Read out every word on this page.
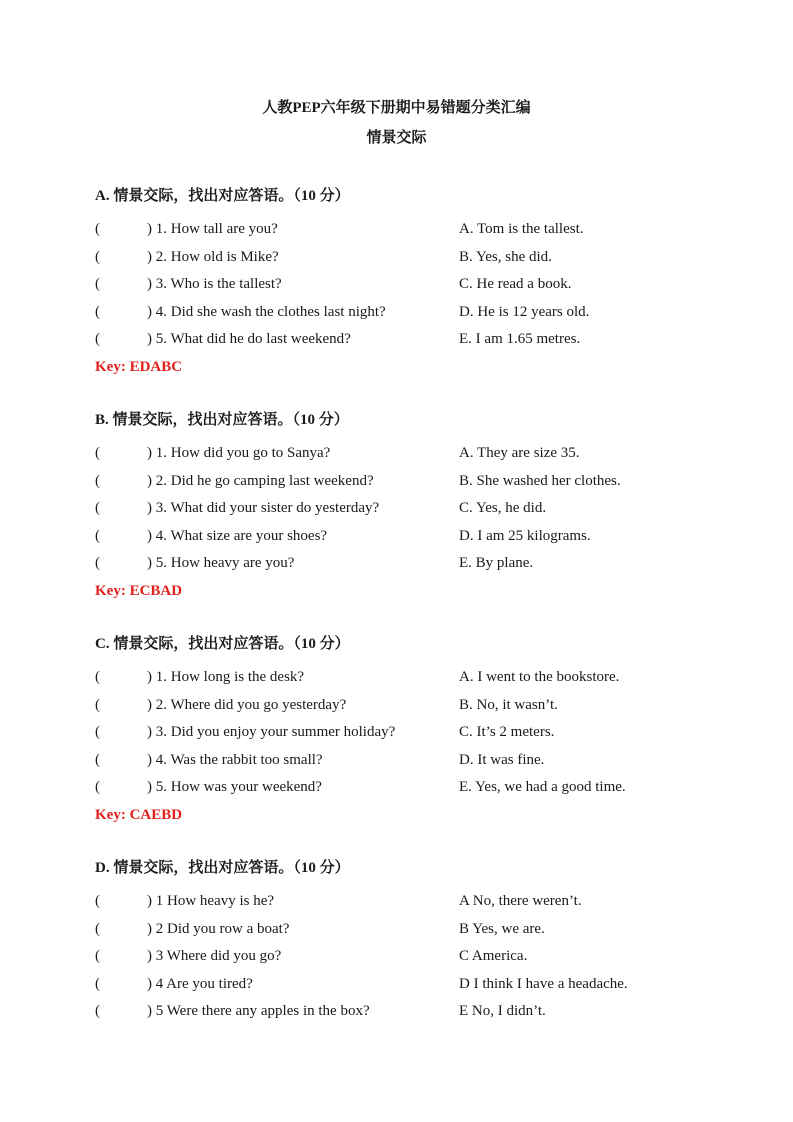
人教PEP六年级下册期中易错题分类汇编
情景交际
A. 情景交际，找出对应答语。（10 分）
(	) 1. How tall are you?	A. Tom is the tallest.
(	) 2. How old is Mike?	B. Yes, she did.
(	) 3. Who is the tallest?	C. He read a book.
(	) 4. Did she wash the clothes last night?	D. He is 12 years old.
(	) 5. What did he do last weekend?	E. I am 1.65 metres.
Key: EDABC
B. 情景交际，找出对应答语。（10 分）
(	) 1. How did you go to Sanya?	A. They are size 35.
(	) 2. Did he go camping last weekend?	B. She washed her clothes.
(	) 3. What did your sister do yesterday?	C. Yes, he did.
(	) 4. What size are your shoes?	D. I am 25 kilograms.
(	) 5. How heavy are you?	E. By plane.
Key: ECBAD
C. 情景交际，找出对应答语。（10 分）
(	) 1. How long is the desk?	A. I went to the bookstore.
(	) 2. Where did you go yesterday?	B. No, it wasn’t.
(	) 3. Did you enjoy your summer holiday?	C. It’s 2 meters.
(	) 4. Was the rabbit too small?	D. It was fine.
(	) 5. How was your weekend?	E. Yes, we had a good time.
Key: CAEBD
D. 情景交际，找出对应答语。（10 分）
(	) 1 How heavy is he?	A No, there weren’t.
(	) 2 Did you row a boat?	B Yes, we are.
(	) 3 Where did you go?	C America.
(	) 4 Are you tired?	D I think I have a headache.
(	) 5 Were there any apples in the box?	E No, I didn’t.
